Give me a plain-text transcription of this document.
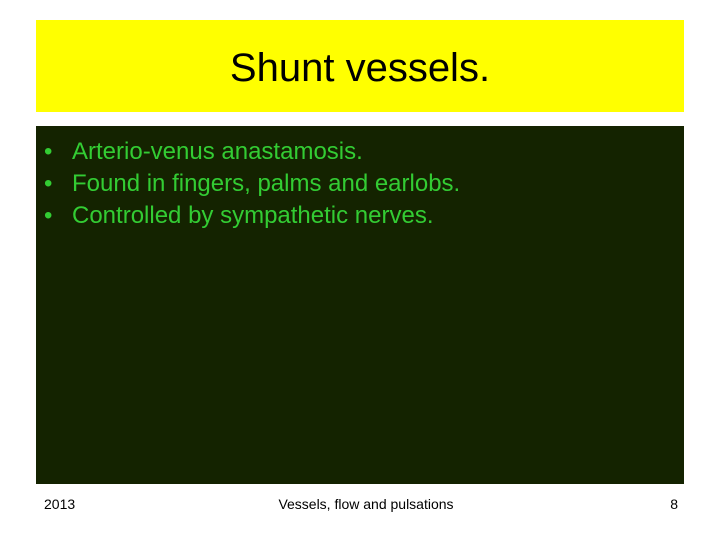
Shunt vessels.
• Arterio-venus anastamosis.
• Found in fingers, palms and earlobs.
• Controlled by sympathetic nerves.
2013	Vessels, flow and pulsations	8
